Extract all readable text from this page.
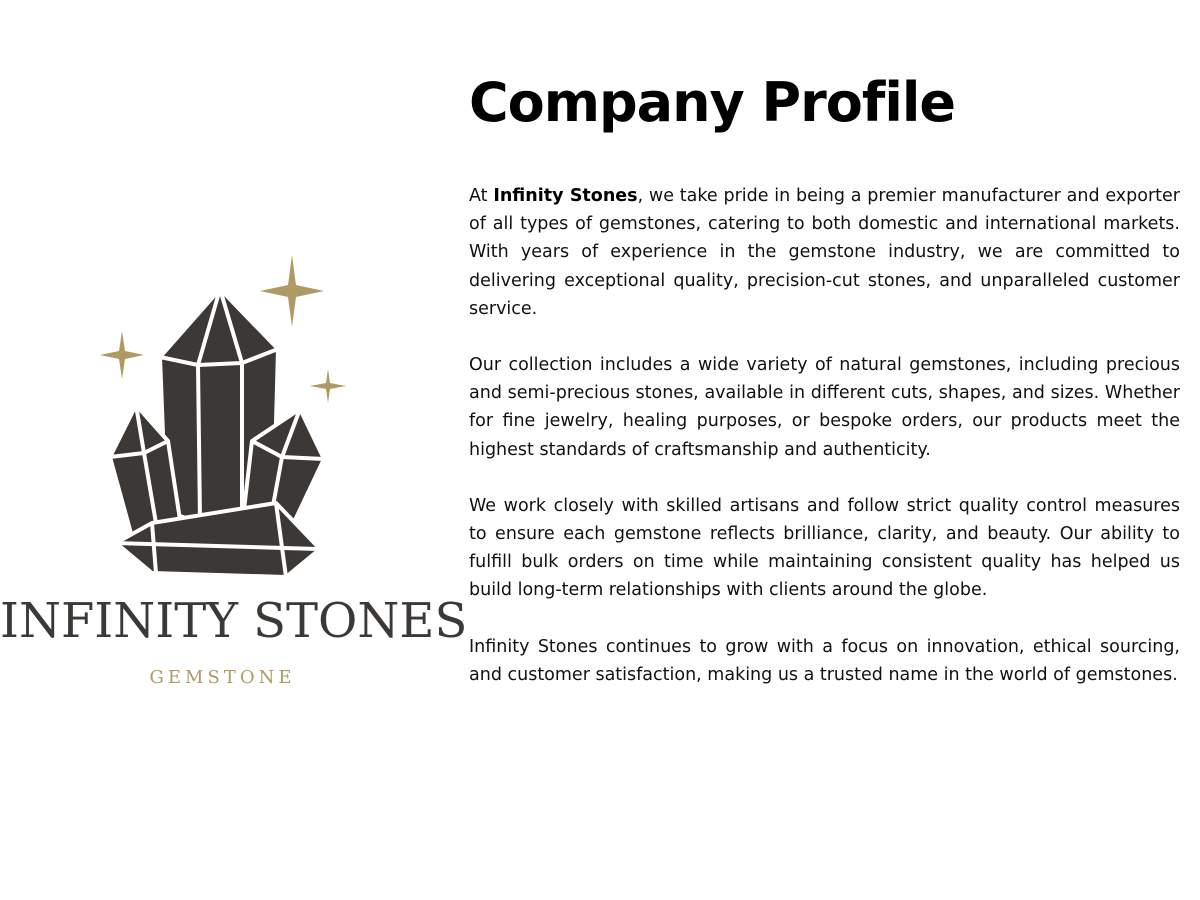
INFINITY STONES
GEMSTONE
Company Profile

At Infinity Stones, we take pride in being a premier manufacturer and exporter of all types of gemstones, catering to both domestic and international markets. With years of experience in the gemstone industry, we are committed to delivering exceptional quality, precision-cut stones, and unparalleled customer service.

Our collection includes a wide variety of natural gemstones, including precious and semi-precious stones, available in different cuts, shapes, and sizes. Whether for fine jewelry, healing purposes, or bespoke orders, our products meet the highest standards of craftsmanship and authenticity.

We work closely with skilled artisans and follow strict quality control measures to ensure each gemstone reflects brilliance, clarity, and beauty. Our ability to fulfill bulk orders on time while maintaining consistent quality has helped us build long-term relationships with clients around the globe.

Infinity Stones continues to grow with a focus on innovation, ethical sourcing, and customer satisfaction, making us a trusted name in the world of gemstones.
